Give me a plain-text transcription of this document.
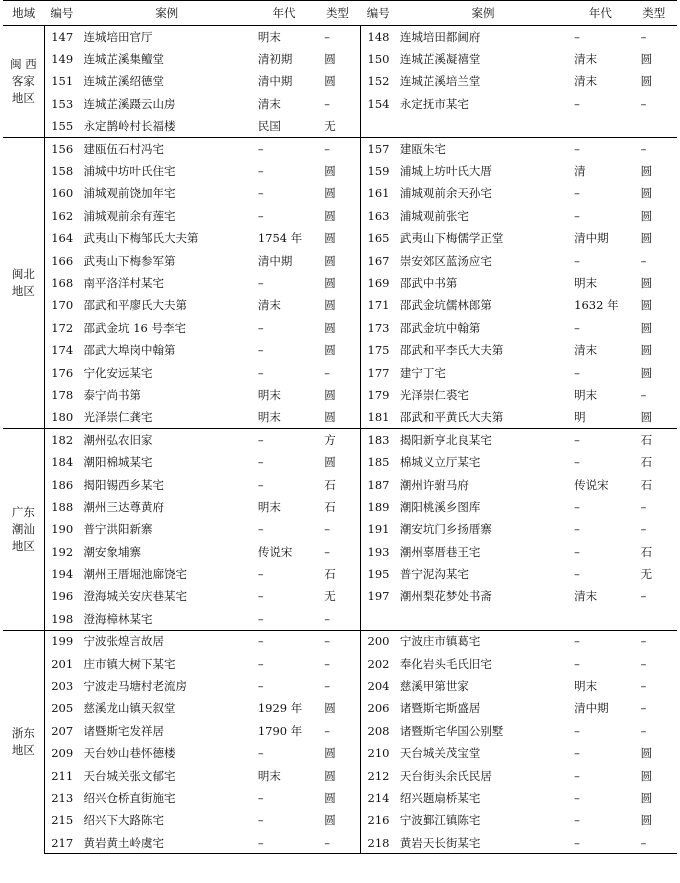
地域	编号	案例	年代	类型	编号	案例	年代	类型

闽 西
客家
地区	147	连城培田官厅	明末	–	148	连城培田都阃府	–	–
	149	连城芷溪集鳣堂	清初期	圆	150	连城芷溪凝禧堂	清末	圆
	151	连城芷溪绍德堂	清中期	圆	152	连城芷溪培兰堂	清末	圆
	153	连城芷溪蹑云山房	清末	–	154	永定抚市某宅	–	–
	155	永定鹊岭村长福楼	民国	无				

闽北
地区	156	建瓯伍石村冯宅	–	–	157	建瓯朱宅	–	–
	158	浦城中坊叶氏住宅	–	圆	159	浦城上坊叶氏大厝	清	圆
	160	浦城观前饶加年宅	–	圆	161	浦城观前余天孙宅	–	圆
	162	浦城观前余有莲宅	–	圆	163	浦城观前张宅	–	圆
	164	武夷山下梅邹氏大夫第	1754 年	圆	165	武夷山下梅儒学正堂	清中期	圆
	166	武夷山下梅参军第	清中期	圆	167	崇安郊区蓝汤应宅	–	–
	168	南平洛洋村某宅	–	圆	169	邵武中书第	明末	圆
	170	邵武和平廖氏大夫第	清末	圆	171	邵武金坑儒林郎第	1632 年	圆
	172	邵武金坑 16 号李宅	–	圆	173	邵武金坑中翰第	–	圆
	174	邵武大埠岗中翰第	–	圆	175	邵武和平李氏大夫第	清末	圆
	176	宁化安远某宅	–	–	177	建宁丁宅	–	圆
	178	泰宁尚书第	明末	圆	179	光泽崇仁裘宅	明末	–
	180	光泽崇仁龚宅	明末	圆	181	邵武和平黄氏大夫第	明	圆

广东
潮汕
地区	182	潮州弘农旧家	–	方	183	揭阳新亨北良某宅	–	石
	184	潮阳棉城某宅	–	圆	185	棉城义立厅某宅	–	石
	186	揭阳锡西乡某宅	–	石	187	潮州许驸马府	传说宋	石
	188	潮州三达尊黄府	明末	石	189	潮阳桃溪乡图库	–	–
	190	普宁洪阳新寨	–	–	191	潮安坑门乡扬厝寨	–	–
	192	潮安象埔寨	传说宋	–	193	潮州辜厝巷王宅	–	石
	194	潮州王厝堀池廍饶宅	–	石	195	普宁泥沟某宅	–	无
	196	澄海城关安庆巷某宅	–	无	197	潮州梨花梦处书斋	清末	–
	198	澄海樟林某宅	–	–				

浙东
地区	199	宁波张煌言故居	–	–	200	宁波庄市镇葛宅	–	–
	201	庄市镇大树下某宅	–	–	202	奉化岩头毛氏旧宅	–	–
	203	宁波走马塘村老流房	–	–	204	慈溪甲第世家	明末	–
	205	慈溪龙山镇天叙堂	1929 年	圆	206	诸暨斯宅斯盛居	清中期	–
	207	诸暨斯宅发祥居	1790 年	–	208	诸暨斯宅华国公别墅	–	–
	209	天台妙山巷怀德楼	–	圆	210	天台城关茂宝堂	–	圆
	211	天台城关张文郁宅	明末	圆	212	天台街头余氏民居	–	圆
	213	绍兴仓桥直街施宅	–	圆	214	绍兴题扇桥某宅	–	圆
	215	绍兴下大路陈宅	–	圆	216	宁波鄞江镇陈宅	–	圆
	217	黄岩黄土岭虞宅	–	–	218	黄岩天长街某宅	–	–
